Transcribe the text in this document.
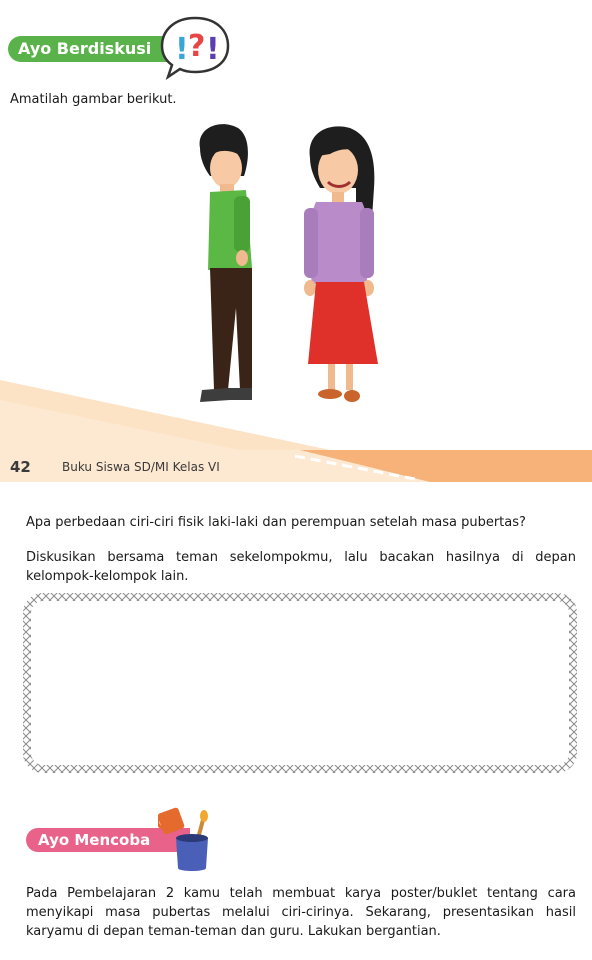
Ayo Berdiskusi ! ? !

Amatilah gambar berikut.

42	Buku Siswa SD/MI Kelas VI

Apa perbedaan ciri-ciri fisik laki-laki dan perempuan setelah masa pubertas?

Diskusikan bersama teman sekelompokmu, lalu bacakan hasilnya di depan kelompok-kelompok lain.

Ayo Mencoba

Pada Pembelajaran 2 kamu telah membuat karya poster/buklet tentang cara menyikapi masa pubertas melalui ciri-cirinya. Sekarang, presentasikan hasil karyamu di depan teman-teman dan guru. Lakukan bergantian.
